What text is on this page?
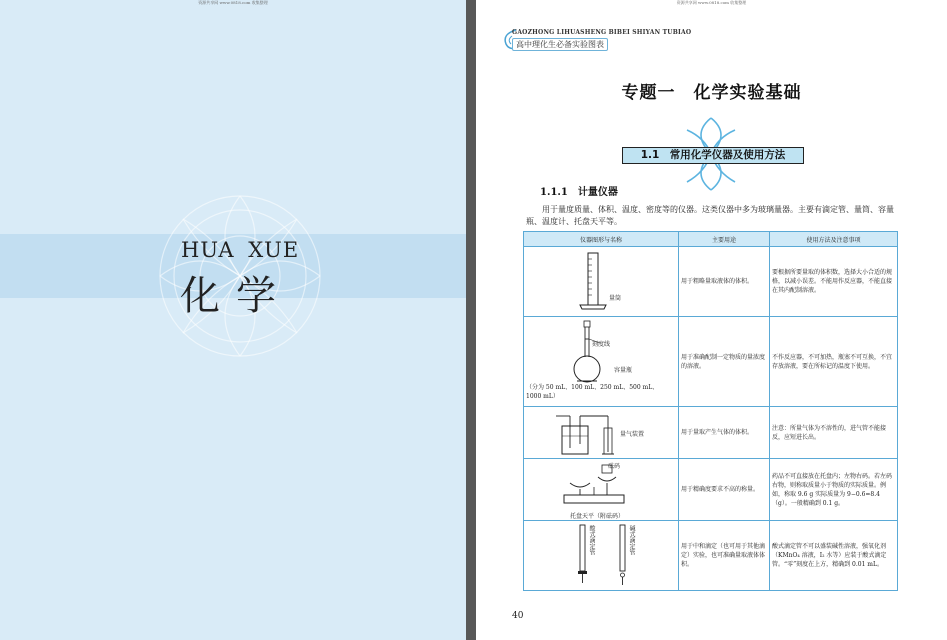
资源共享网 www.0818.com 收集整理
HUA XUE
化学
资源共享网 www.0818.com 收集整理
GAOZHONG LIHUASHENG BIBEI SHIYAN TUBIAO
高中理化生必备实验图表
专题一　化学实验基础
1.1　常用化学仪器及使用方法
1.1.1　计量仪器
用于量度质量、体积、温度、密度等的仪器。这类仪器中多为玻璃量器。主要有滴定管、量筒、容量瓶、温度计、托盘天平等。
仪器图形与名称	主要用途	使用方法及注意事项

量筒	用于粗略量取液体的体积。	要根据所要量取的体积数，选择大小合适的规格，以减小误差。不能用作反应器，不能直接在其内配制溶液。

刻度线
容量瓶
（分为 50 mL、100 mL、250 mL、500 mL、1000 mL）	用于准确配制一定物质的量浓度的溶液。	不作反应器，不可加热，瓶塞不可互换，不宜存放溶液，要在所标记的温度下使用。

量气装置	用于量取产生气体的体积。	注意：所量气体为不溶性的，进气管不能接反，应短进长出。

砝码
托盘天平（附砝码）	用于精确度要求不高的称量。	药品不可直接放在托盘内；左物右码。若左码右物，则称取质量小于物质的实际质量。例如，称取 9.6 g 实际质量为 9−0.6=8.4（g）。一般精确到 0.1 g。

酸式滴定管 碱式滴定管	用于中和滴定（也可用于其他滴定）实验，也可准确量取液体体积。	酸式滴定管不可以盛装碱性溶液，强氧化剂（KMnO₄ 溶液，I₂ 水等）应装于酸式滴定管。“零”刻度在上方，精确到 0.01 mL。
40
